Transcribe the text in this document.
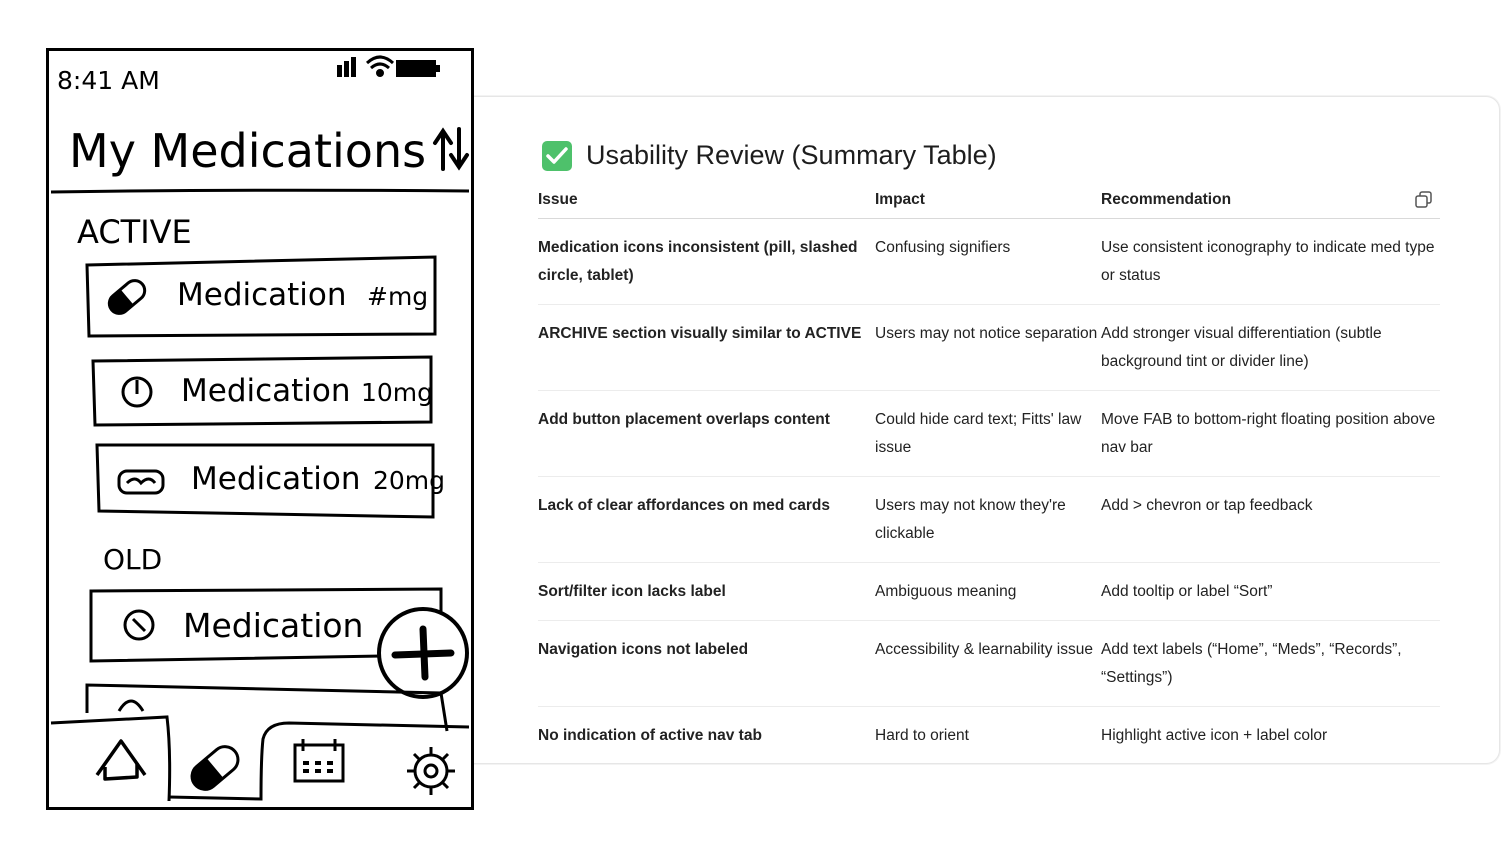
Usability Review (Summary Table)
Issue	Impact	Recommendation

Medication icons inconsistent (pill, slashed circle, tablet)	Confusing signifiers	Use consistent iconography to indicate med type or status
ARCHIVE section visually similar to ACTIVE	Users may not notice separation	Add stronger visual differentiation (subtle background tint or divider line)
Add button placement overlaps content	Could hide card text; Fitts' law issue	Move FAB to bottom-right floating position above nav bar
Lack of clear affordances on med cards	Users may not know they're clickable	Add > chevron or tap feedback
Sort/filter icon lacks label	Ambiguous meaning	Add tooltip or label “Sort”
Navigation icons not labeled	Accessibility & learnability issue	Add text labels (“Home”, “Meds”, “Records”, “Settings”)
No indication of active nav tab	Hard to orient	Highlight active icon + label color
8:41 AM
My Medications
ACTIVE
Medication #mg
Medication 10mg
Medication 20mg
OLD
Medication
